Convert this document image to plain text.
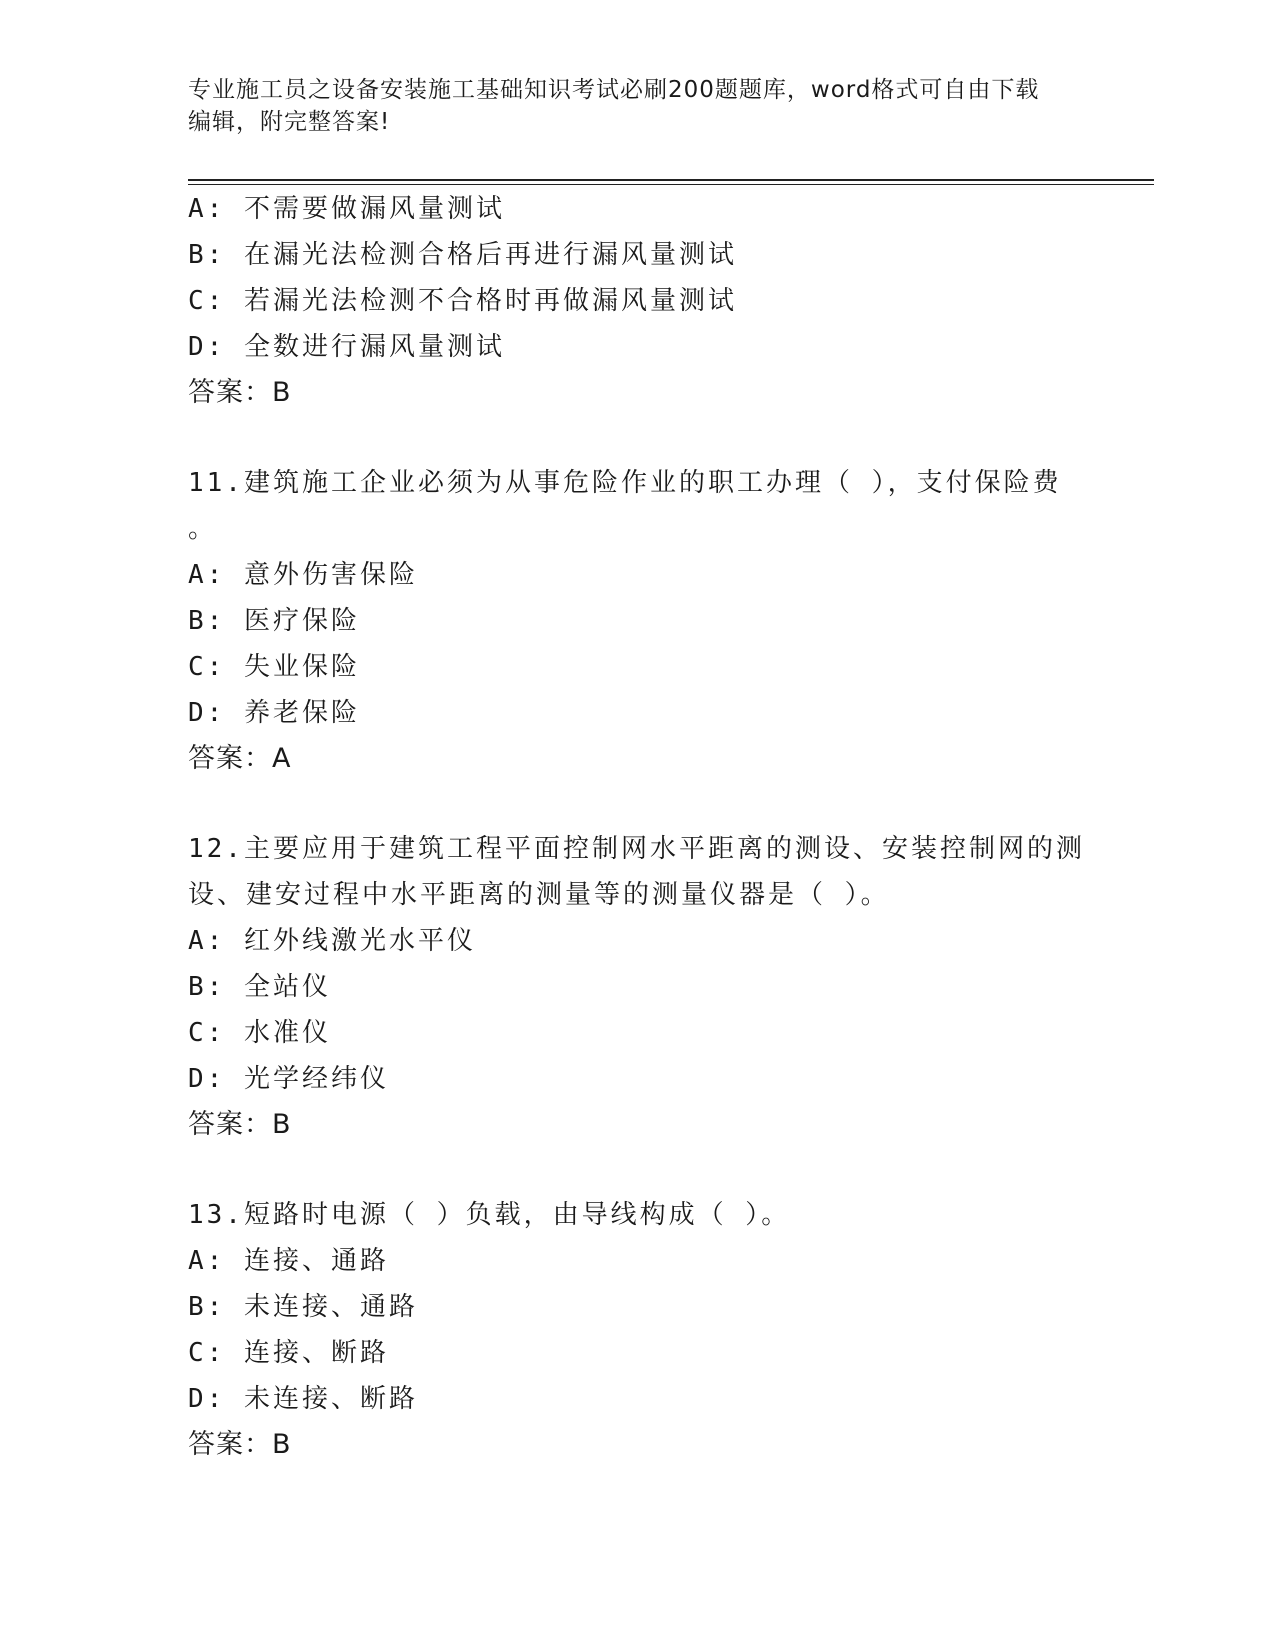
专业施工员之设备安装施工基础知识考试必刷200题题库，word格式可自由下载
编辑，附完整答案!
A: 不需要做漏风量测试
B: 在漏光法检测合格后再进行漏风量测试
C: 若漏光法检测不合格时再做漏风量测试
D: 全数进行漏风量测试
答案：B
11.建筑施工企业必须为从事危险作业的职工办理（ ），支付保险费
。
A: 意外伤害保险
B: 医疗保险
C: 失业保险
D: 养老保险
答案：A
12.主要应用于建筑工程平面控制网水平距离的测设、安装控制网的测
设、建安过程中水平距离的测量等的测量仪器是（ ）。
A: 红外线激光水平仪
B: 全站仪
C: 水准仪
D: 光学经纬仪
答案：B
13.短路时电源（ ）负载，由导线构成（ ）。
A: 连接、通路
B: 未连接、通路
C: 连接、断路
D: 未连接、断路
答案：B
